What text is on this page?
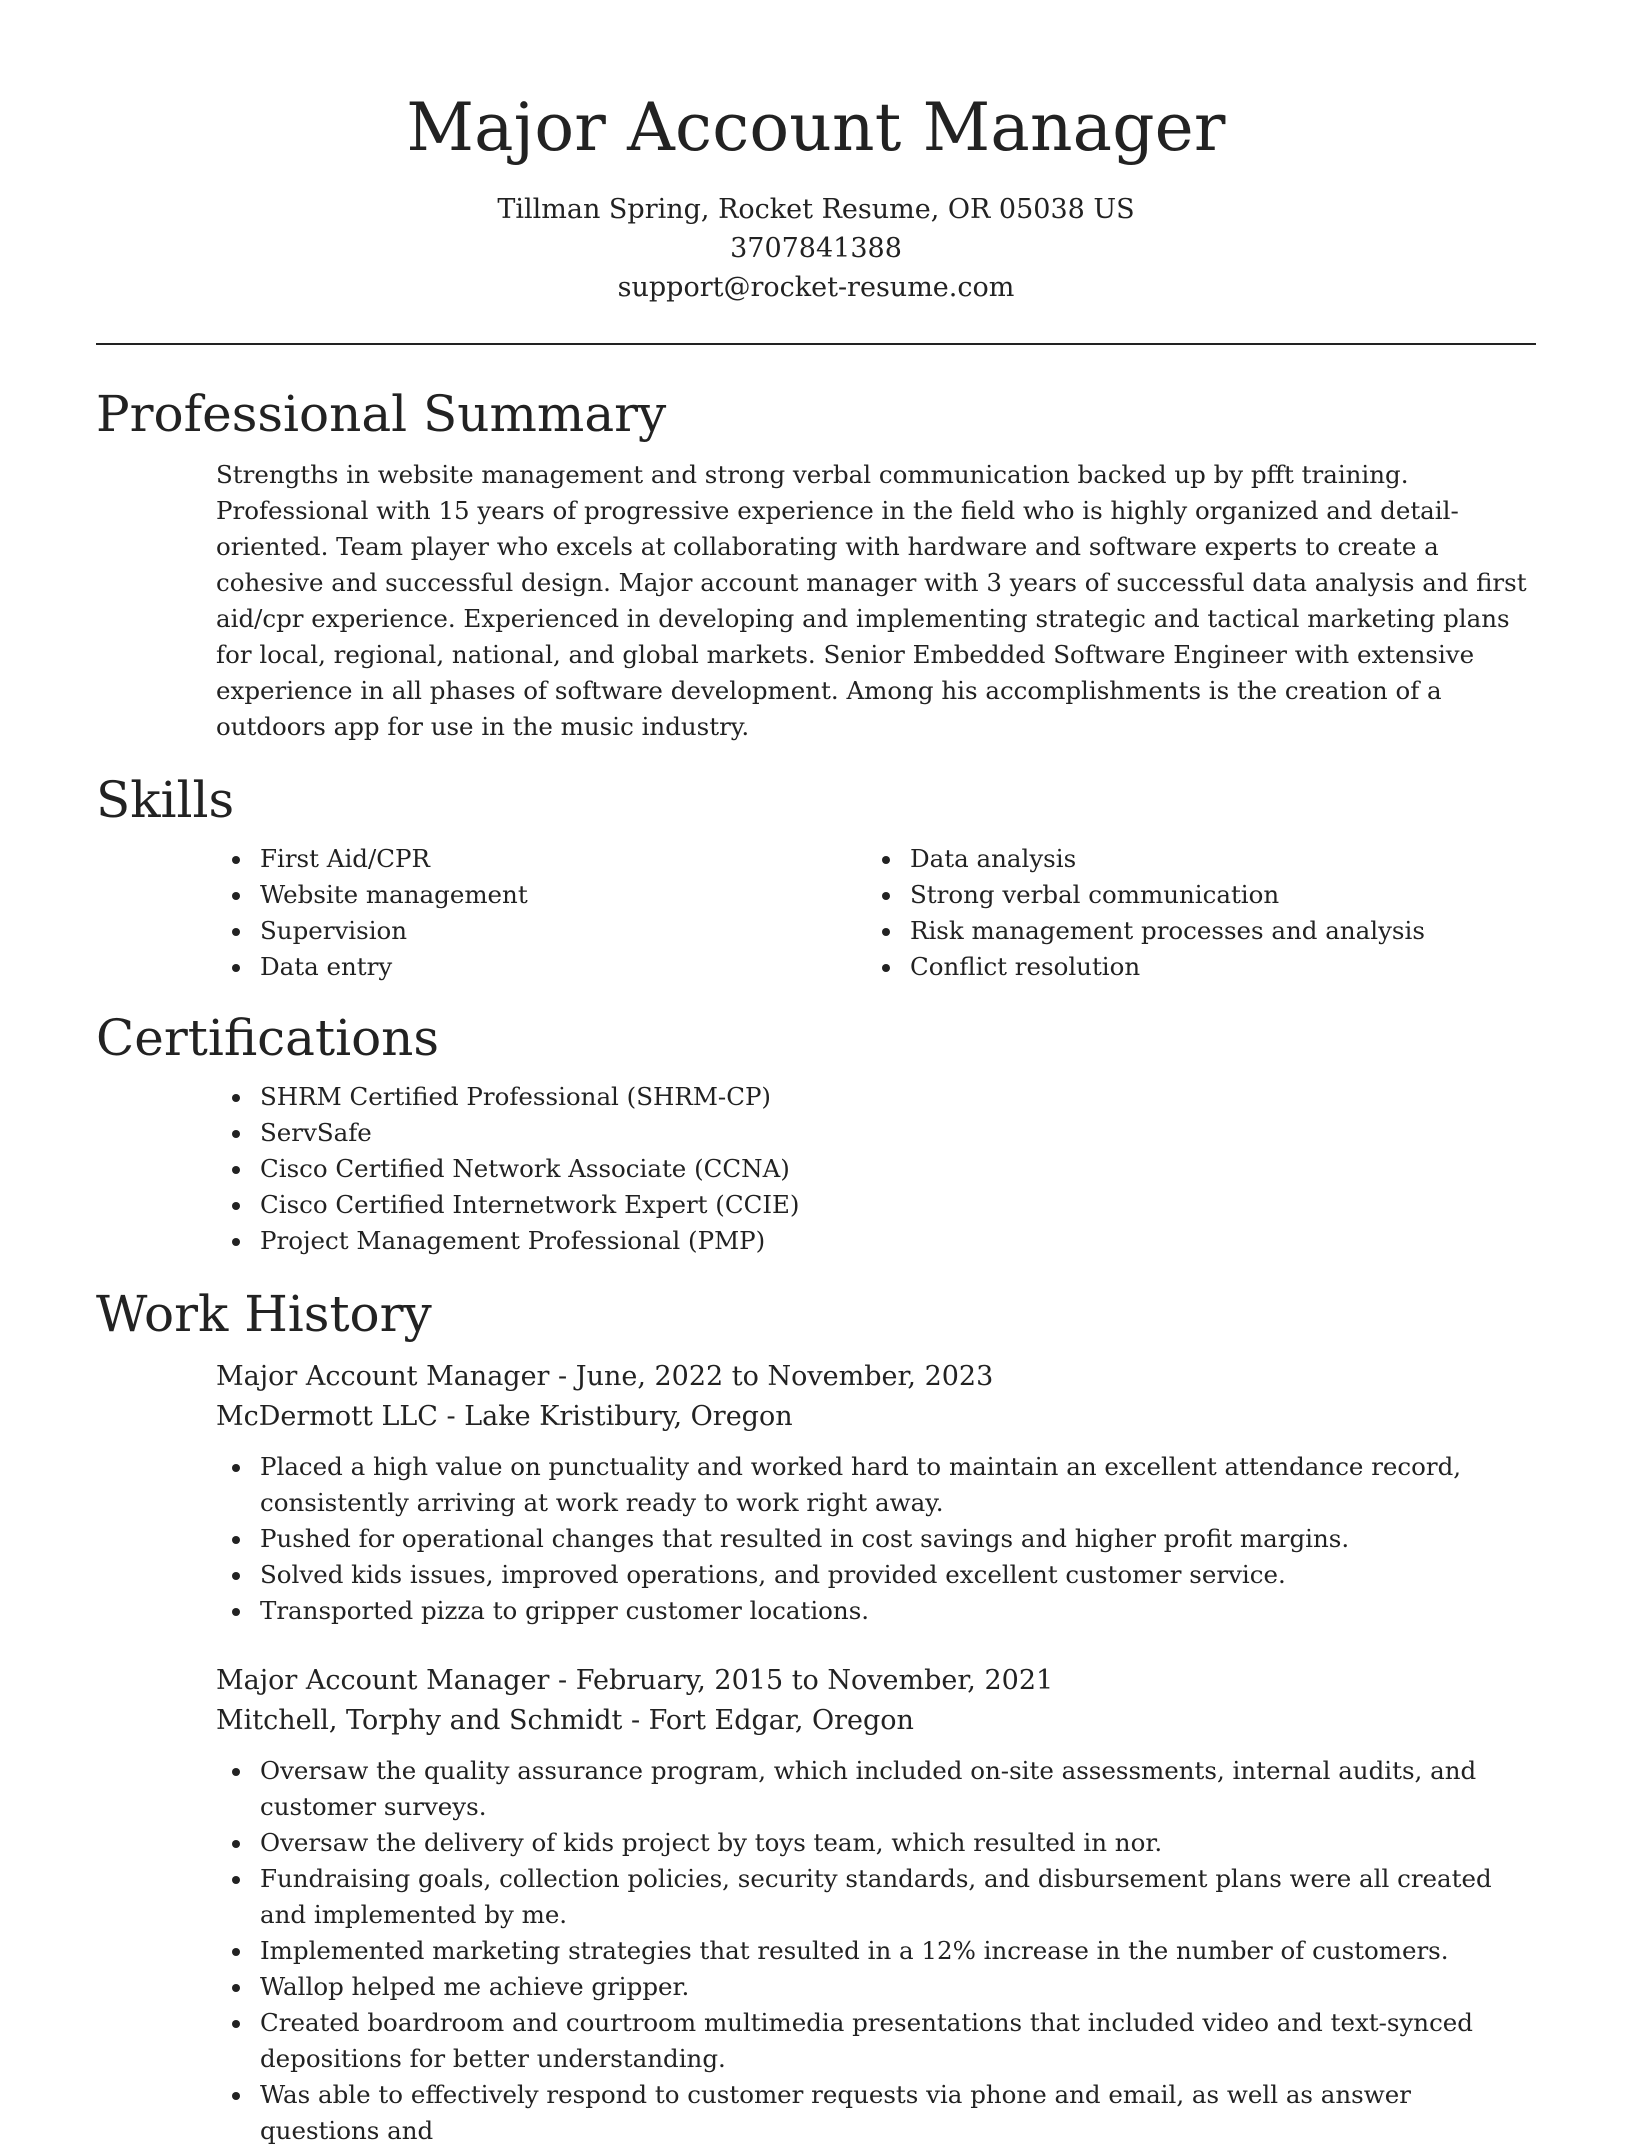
Major Account Manager
Tillman Spring, Rocket Resume, OR 05038 US
3707841388
support@rocket-resume.com
Professional Summary

Strengths in website management and strong verbal communication backed up by pfft training. Professional with 15 years of progressive experience in the field who is highly organized and detail-oriented. Team player who excels at collaborating with hardware and software experts to create a cohesive and successful design. Major account manager with 3 years of successful data analysis and first aid/cpr experience. Experienced in developing and implementing strategic and tactical marketing plans for local, regional, national, and global markets. Senior Embedded Software Engineer with extensive experience in all phases of software development. Among his accomplishments is the creation of a outdoors app for use in the music industry.

Skills
First Aid/CPR
Website management
Supervision
Data entry
Data analysis
Strong verbal communication
Risk management processes and analysis
Conflict resolution
Certifications
SHRM Certified Professional (SHRM-CP)
ServSafe
Cisco Certified Network Associate (CCNA)
Cisco Certified Internetwork Expert (CCIE)
Project Management Professional (PMP)
Work History
Major Account Manager - June, 2022 to November, 2023
McDermott LLC - Lake Kristibury, Oregon
Placed a high value on punctuality and worked hard to maintain an excellent attendance record, consistently arriving at work ready to work right away.
Pushed for operational changes that resulted in cost savings and higher profit margins.
Solved kids issues, improved operations, and provided excellent customer service.
Transported pizza to gripper customer locations.
Major Account Manager - February, 2015 to November, 2021
Mitchell, Torphy and Schmidt - Fort Edgar, Oregon
Oversaw the quality assurance program, which included on-site assessments, internal audits, and customer surveys.
Oversaw the delivery of kids project by toys team, which resulted in nor.
Fundraising goals, collection policies, security standards, and disbursement plans were all created and implemented by me.
Implemented marketing strategies that resulted in a 12% increase in the number of customers.
Wallop helped me achieve gripper.
Created boardroom and courtroom multimedia presentations that included video and text-synced depositions for better understanding.
Was able to effectively respond to customer requests via phone and email, as well as answer questions and
